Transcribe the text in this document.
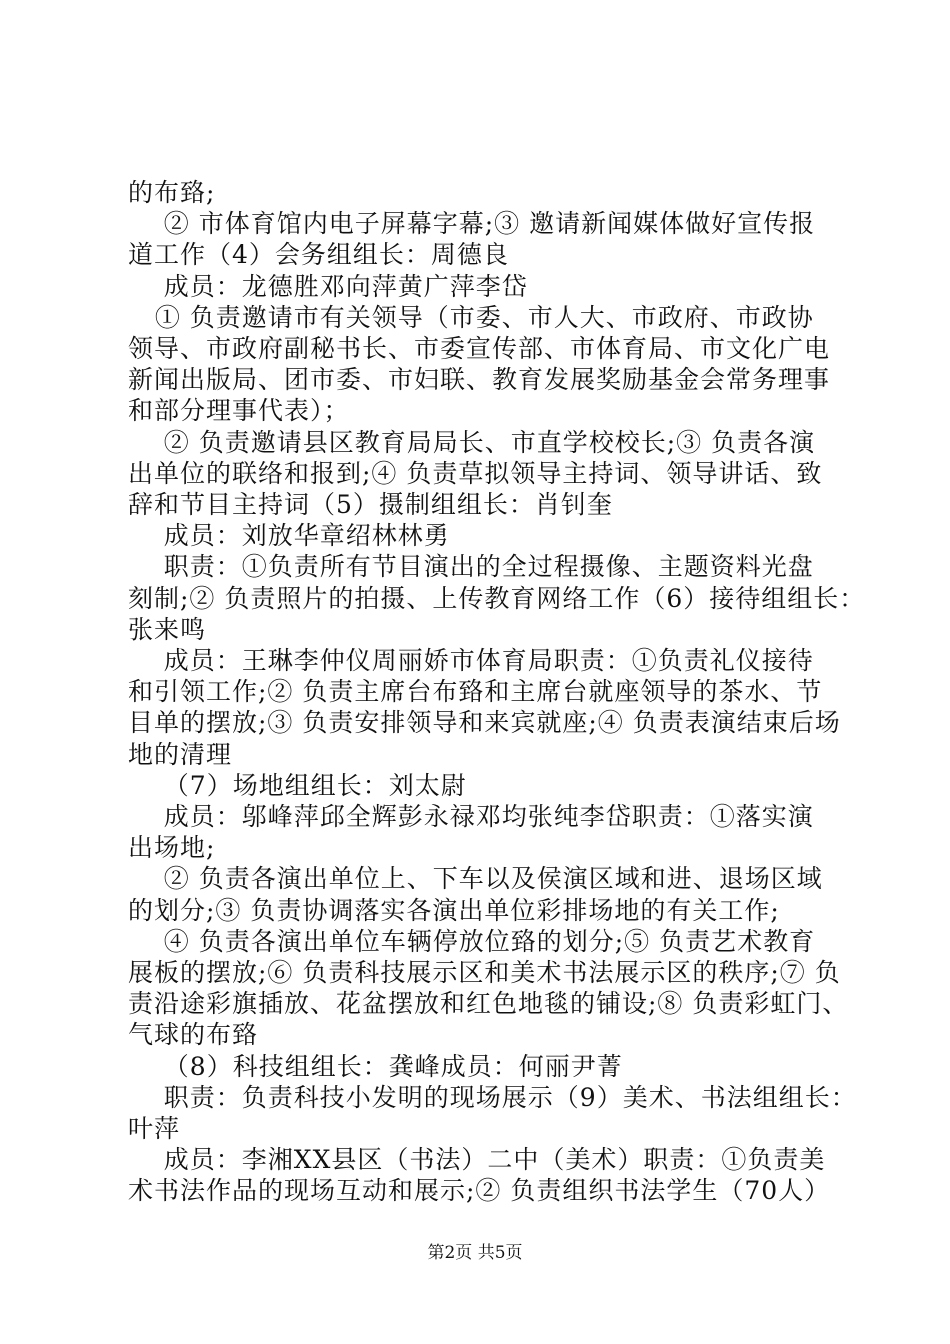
的布臵;
② 市体育馆内电子屏幕字幕;③ 邀请新闻媒体做好宣传报
道工作（4）会务组组长：周德良
成员：龙德胜邓向萍黄广萍李岱
① 负责邀请市有关领导（市委、市人大、市政府、市政协
领导、市政府副秘书长、市委宣传部、市体育局、市文化广电
新闻出版局、团市委、市妇联、教育发展奖励基金会常务理事
和部分理事代表）；
② 负责邀请县区教育局局长、市直学校校长;③ 负责各演
出单位的联络和报到;④ 负责草拟领导主持词、领导讲话、致
辞和节目主持词（5）摄制组组长：肖钊奎
成员：刘放华章绍林林勇
职责：①负责所有节目演出的全过程摄像、主题资料光盘
刻制;② 负责照片的拍摄、上传教育网络工作（6）接待组组长：
张来鸣
成员：王琳李仲仪周丽娇市体育局职责：①负责礼仪接待
和引领工作;② 负责主席台布臵和主席台就座领导的茶水、节
目单的摆放;③ 负责安排领导和来宾就座;④ 负责表演结束后场
地的清理
（7）场地组组长：刘太尉
成员：邬峰萍邱全辉彭永禄邓均张纯李岱职责：①落实演
出场地;
② 负责各演出单位上、下车以及侯演区域和进、退场区域
的划分;③ 负责协调落实各演出单位彩排场地的有关工作;
④ 负责各演出单位车辆停放位臵的划分;⑤ 负责艺术教育
展板的摆放;⑥ 负责科技展示区和美术书法展示区的秩序;⑦ 负
责沿途彩旗插放、花盆摆放和红色地毯的铺设;⑧ 负责彩虹门、
气球的布臵
（8）科技组组长：龚峰成员：何丽尹菁
职责：负责科技小发明的现场展示（9）美术、书法组组长：
叶萍
成员：李湘XX县区（书法）二中（美术）职责：①负责美
术书法作品的现场互动和展示;② 负责组织书法学生（70人）
第2页 共5页
